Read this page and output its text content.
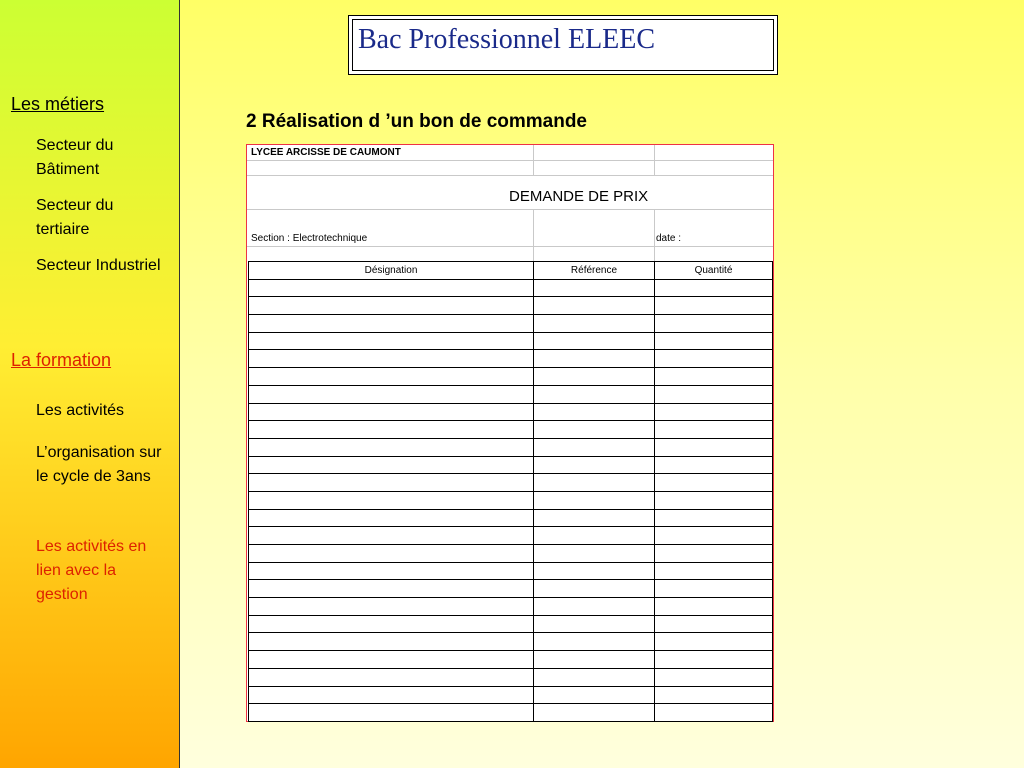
Les métiers
Secteur du Bâtiment
Secteur du tertiaire
Secteur Industriel
La formation
Les activités
L’organisation sur le cycle de 3ans
Les activités en lien avec la gestion
Bac Professionnel ELEEC
2 Réalisation d ’un bon de commande
LYCEE ARCISSE DE CAUMONT
DEMANDE DE PRIX
Section : Electrotechnique	date :
Désignation	Référence	Quantité
